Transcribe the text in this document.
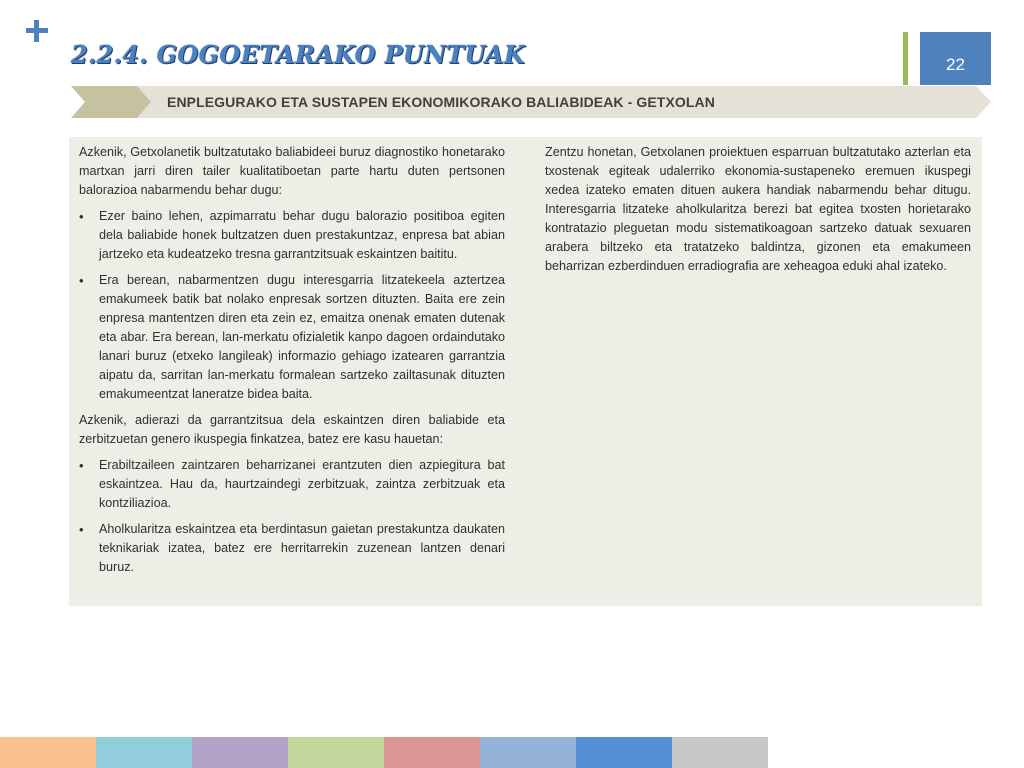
2.2.4. GOGOETARAKO PUNTUAK	22
ENPLEGURAKO ETA SUSTAPEN EKONOMIKORAKO BALIABIDEAK - GETXOLAN

Azkenik, Getxolanetik bultzatutako baliabideei buruz diagnostiko honetarako martxan jarri diren tailer kualitatiboetan parte hartu duten pertsonen balorazioa nabarmendu behar dugu:

• Ezer baino lehen, azpimarratu behar dugu balorazio positiboa egiten dela baliabide honek bultzatzen duen prestakuntzaz, enpresa bat abian jartzeko eta kudeatzeko tresna garrantzitsuak eskaintzen baititu.
• Era berean, nabarmentzen dugu interesgarria litzatekeela aztertzea emakumeek batik bat nolako enpresak sortzen dituzten. Baita ere zein enpresa mantentzen diren eta zein ez, emaitza onenak ematen dutenak eta abar. Era berean, lan-merkatu ofizialetik kanpo dagoen ordaindutako lanari buruz (etxeko langileak) informazio gehiago izatearen garrantzia aipatu da, sarritan lan-merkatu formalean sartzeko zailtasunak dituzten emakumeentzat laneratze bidea baita.

Azkenik, adierazi da garrantzitsua dela eskaintzen diren baliabide eta zerbitzuetan genero ikuspegia finkatzea, batez ere kasu hauetan:

• Erabiltzaileen zaintzaren beharrizanei erantzuten dien azpiegitura bat eskaintzea. Hau da, haurtzaindegi zerbitzuak, zaintza zerbitzuak eta kontziliazioa.
• Aholkularitza eskaintzea eta berdintasun gaietan prestakuntza daukaten teknikariak izatea, batez ere herritarrekin zuzenean lantzen denari buruz.

Zentzu honetan, Getxolanen proiektuen esparruan bultzatutako azterlan eta txostenak egiteak udalerriko ekonomia-sustapeneko eremuen ikuspegi xedea izateko ematen dituen aukera handiak nabarmendu behar ditugu. Interesgarria litzateke aholkularitza berezi bat egitea txosten horietarako kontratazio pleguetan modu sistematikoagoan sartzeko datuak sexuaren arabera biltzeko eta tratatzeko baldintza, gizonen eta emakumeen beharrizan ezberdinduen erradiografia are xeheagoa eduki ahal izateko.
